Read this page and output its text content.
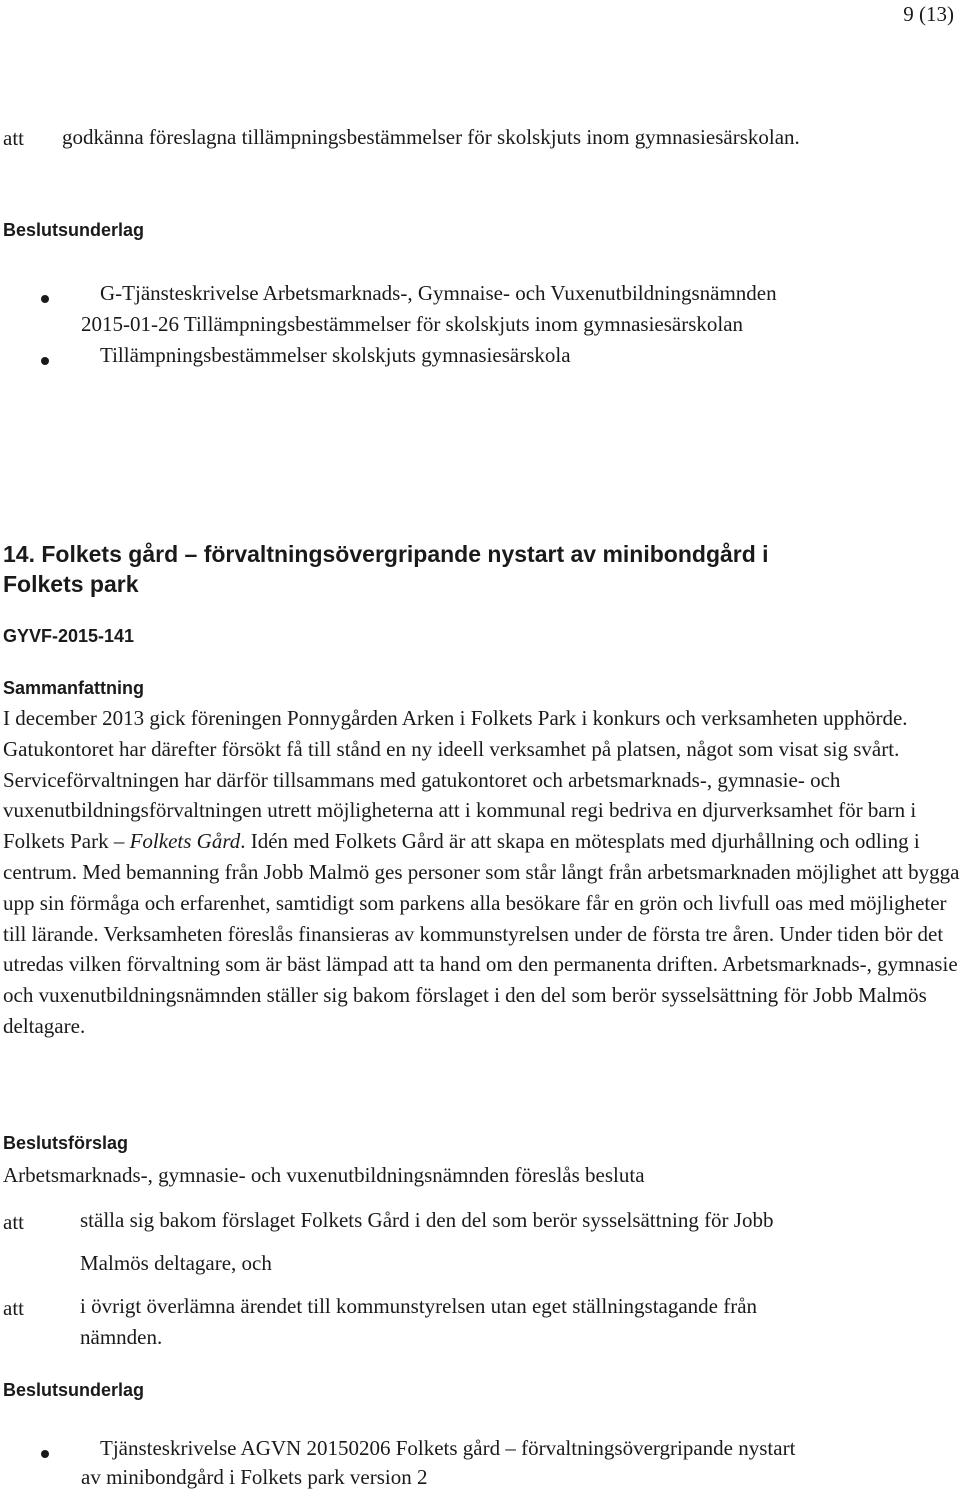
9 (13)
att godkänna föreslagna tillämpningsbestämmelser för skolskjuts inom gymnasiesärskolan.
Beslutsunderlag
G-Tjänsteskrivelse Arbetsmarknads-, Gymnaise- och Vuxenutbildningsnämnden
2015-01-26 Tillämpningsbestämmelser för skolskjuts inom gymnasiesärskolan
Tillämpningsbestämmelser skolskjuts gymnasiesärskola
14. Folkets gård – förvaltningsövergripande nystart av minibondgård i
Folkets park
GYVF-2015-141
Sammanfattning
I december 2013 gick föreningen Ponnygården Arken i Folkets Park i konkurs och verksamheten upphörde. Gatukontoret har därefter försökt få till stånd en ny ideell verksamhet på platsen, något som visat sig svårt. Serviceförvaltningen har därför tillsammans med gatukontoret och arbetsmarknads-, gymnasie- och vuxenutbildningsförvaltningen utrett möjligheterna att i kommunal regi bedriva en djurverksamhet för barn i Folkets Park – Folkets Gård. Idén med Folkets Gård är att skapa en mötesplats med djurhållning och odling i centrum. Med bemanning från Jobb Malmö ges personer som står långt från arbetsmarknaden möjlighet att bygga upp sin förmåga och erfarenhet, samtidigt som parkens alla besökare får en grön och livfull oas med möjligheter till lärande. Verksamheten föreslås finansieras av kommunstyrelsen under de första tre åren. Under tiden bör det utredas vilken förvaltning som är bäst lämpad att ta hand om den permanenta driften. Arbetsmarknads-, gymnasie och vuxenutbildningsnämnden ställer sig bakom förslaget i den del som berör sysselsättning för Jobb Malmös deltagare.
Beslutsförslag
Arbetsmarknads-, gymnasie- och vuxenutbildningsnämnden föreslås besluta
att	ställa sig bakom förslaget Folkets Gård i den del som berör sysselsättning för Jobb
Malmös deltagare, och
att	i övrigt överlämna ärendet till kommunstyrelsen utan eget ställningstagande från
nämnden.
Beslutsunderlag
Tjänsteskrivelse AGVN 20150206 Folkets gård – förvaltningsövergripande nystart
av minibondgård i Folkets park version 2
